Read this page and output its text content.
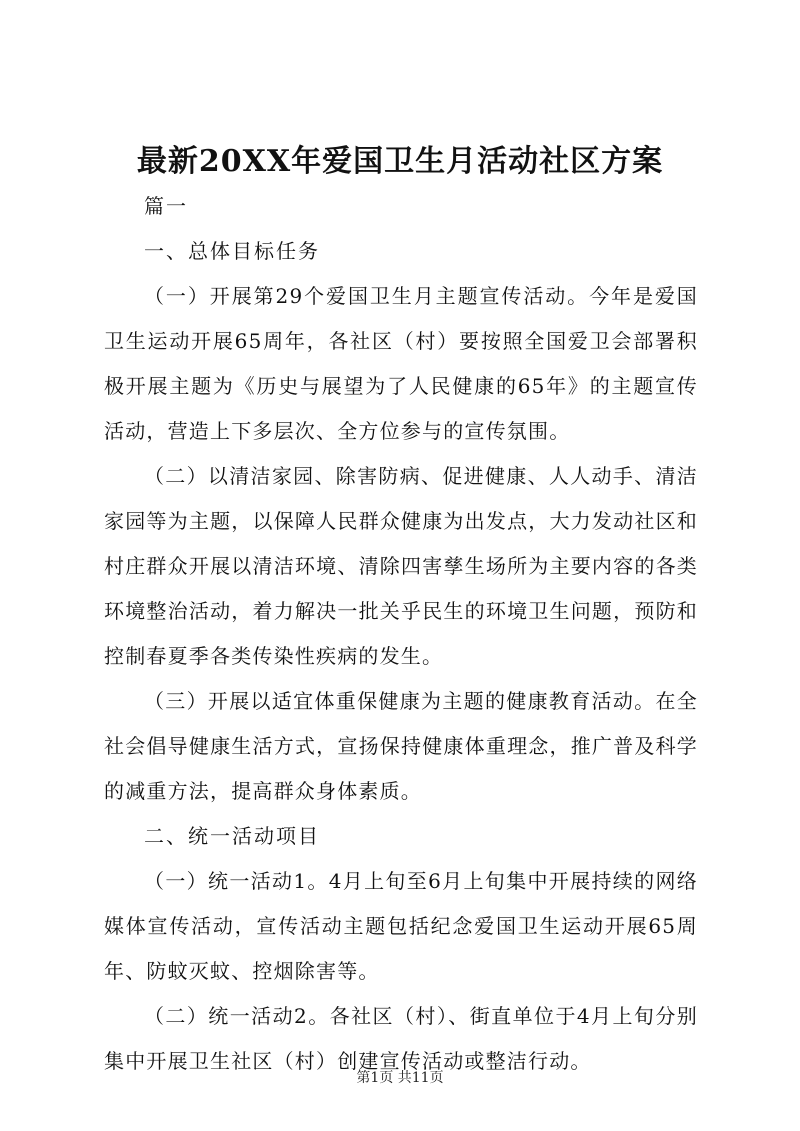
最新20XX年爱国卫生月活动社区方案

篇一

一、总体目标任务

（一）开展第29个爱国卫生月主题宣传活动。今年是爱国卫生运动开展65周年，各社区（村）要按照全国爱卫会部署积极开展主题为《历史与展望为了人民健康的65年》的主题宣传活动，营造上下多层次、全方位参与的宣传氛围。

（二）以清洁家园、除害防病、促进健康、人人动手、清洁家园等为主题，以保障人民群众健康为出发点，大力发动社区和村庄群众开展以清洁环境、清除四害孳生场所为主要内容的各类环境整治活动，着力解决一批关乎民生的环境卫生问题，预防和控制春夏季各类传染性疾病的发生。

（三）开展以适宜体重保健康为主题的健康教育活动。在全社会倡导健康生活方式，宣扬保持健康体重理念，推广普及科学的减重方法，提高群众身体素质。

二、统一活动项目

（一）统一活动1。4月上旬至6月上旬集中开展持续的网络媒体宣传活动，宣传活动主题包括纪念爱国卫生运动开展65周年、防蚊灭蚊、控烟除害等。

（二）统一活动2。各社区（村）、街直单位于4月上旬分别集中开展卫生社区（村）创建宣传活动或整洁行动。

第1页 共11页
